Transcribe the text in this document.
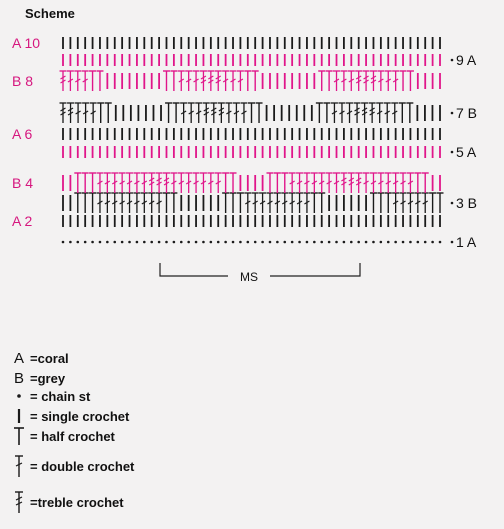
Scheme
A 10
B 8
A 6
B 4
A 2
9 A
7 B
5 A
3 B
1 A
MS
A =coral
B =grey
= chain st
= single crochet
= half crochet
= double crochet
=treble crochet
